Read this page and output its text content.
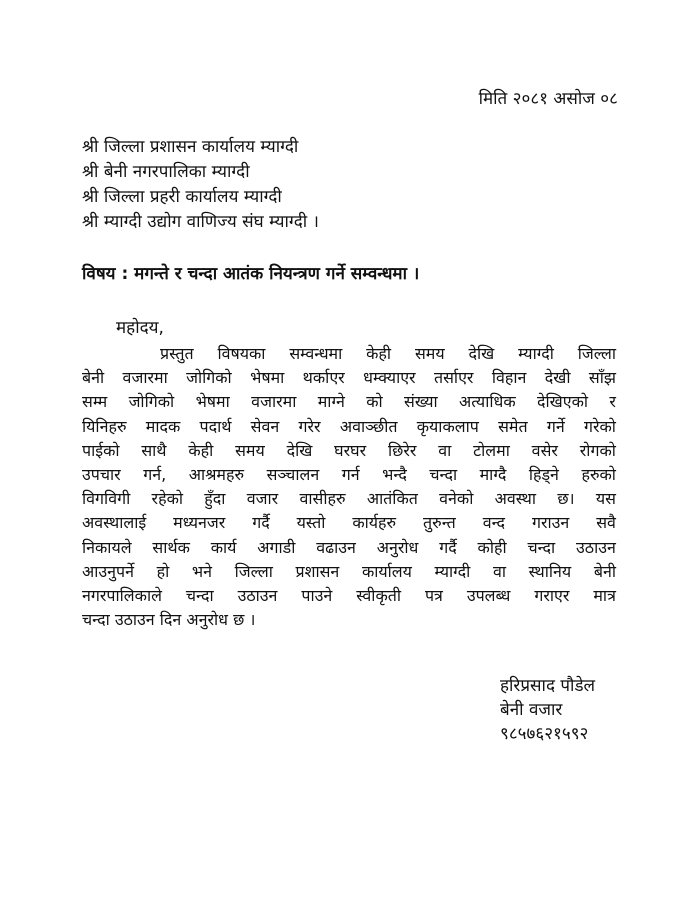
मिति २०८१ असोज ०८
श्री जिल्ला प्रशासन कार्यालय म्याग्दी
श्री बेनी नगरपालिका म्याग्दी
श्री जिल्ला प्रहरी कार्यालय म्याग्दी
श्री म्याग्दी उद्योग वाणिज्य संघ म्याग्दी ।
विषय : मगन्ते र चन्दा आतंक नियन्त्रण गर्ने सम्वन्धमा ।
महोदय,
प्रस्तुत विषयका सम्वन्धमा केही समय देखि म्याग्दी जिल्ला
बेनी वजारमा जोगिको भेषमा थर्काएर धम्क्याएर तर्साएर विहान देखी साँझ
सम्म जोगिको भेषमा वजारमा माग्ने को संख्या अत्याधिक देखिएको र
यिनिहरु मादक पदार्थ सेवन गरेर अवाञ्छीत कृयाकलाप समेत गर्ने गरेको
पाईको साथै केही समय देखि घरघर छिरेर वा टोलमा वसेर रोगको
उपचार गर्न, आश्रमहरु सञ्चालन गर्न भन्दै चन्दा माग्दै हिड्ने हरुको
विगविगी रहेको हुँदा वजार वासीहरु आतंकित वनेको अवस्था छ। यस
अवस्थालाई मध्यनजर गर्दै यस्तो कार्यहरु तुरुन्त वन्द गराउन सवै
निकायले सार्थक कार्य अगाडी वढाउन अनुरोध गर्दै कोही चन्दा उठाउन
आउनुपर्ने हो भने जिल्ला प्रशासन कार्यालय म्याग्दी वा स्थानिय बेनी
नगरपालिकाले चन्दा उठाउन पाउने स्वीकृती पत्र उपलब्ध गराएर मात्र
चन्दा उठाउन दिन अनुरोध छ ।
हरिप्रसाद पौडेल
बेनी वजार
९८५७६२१५९२
